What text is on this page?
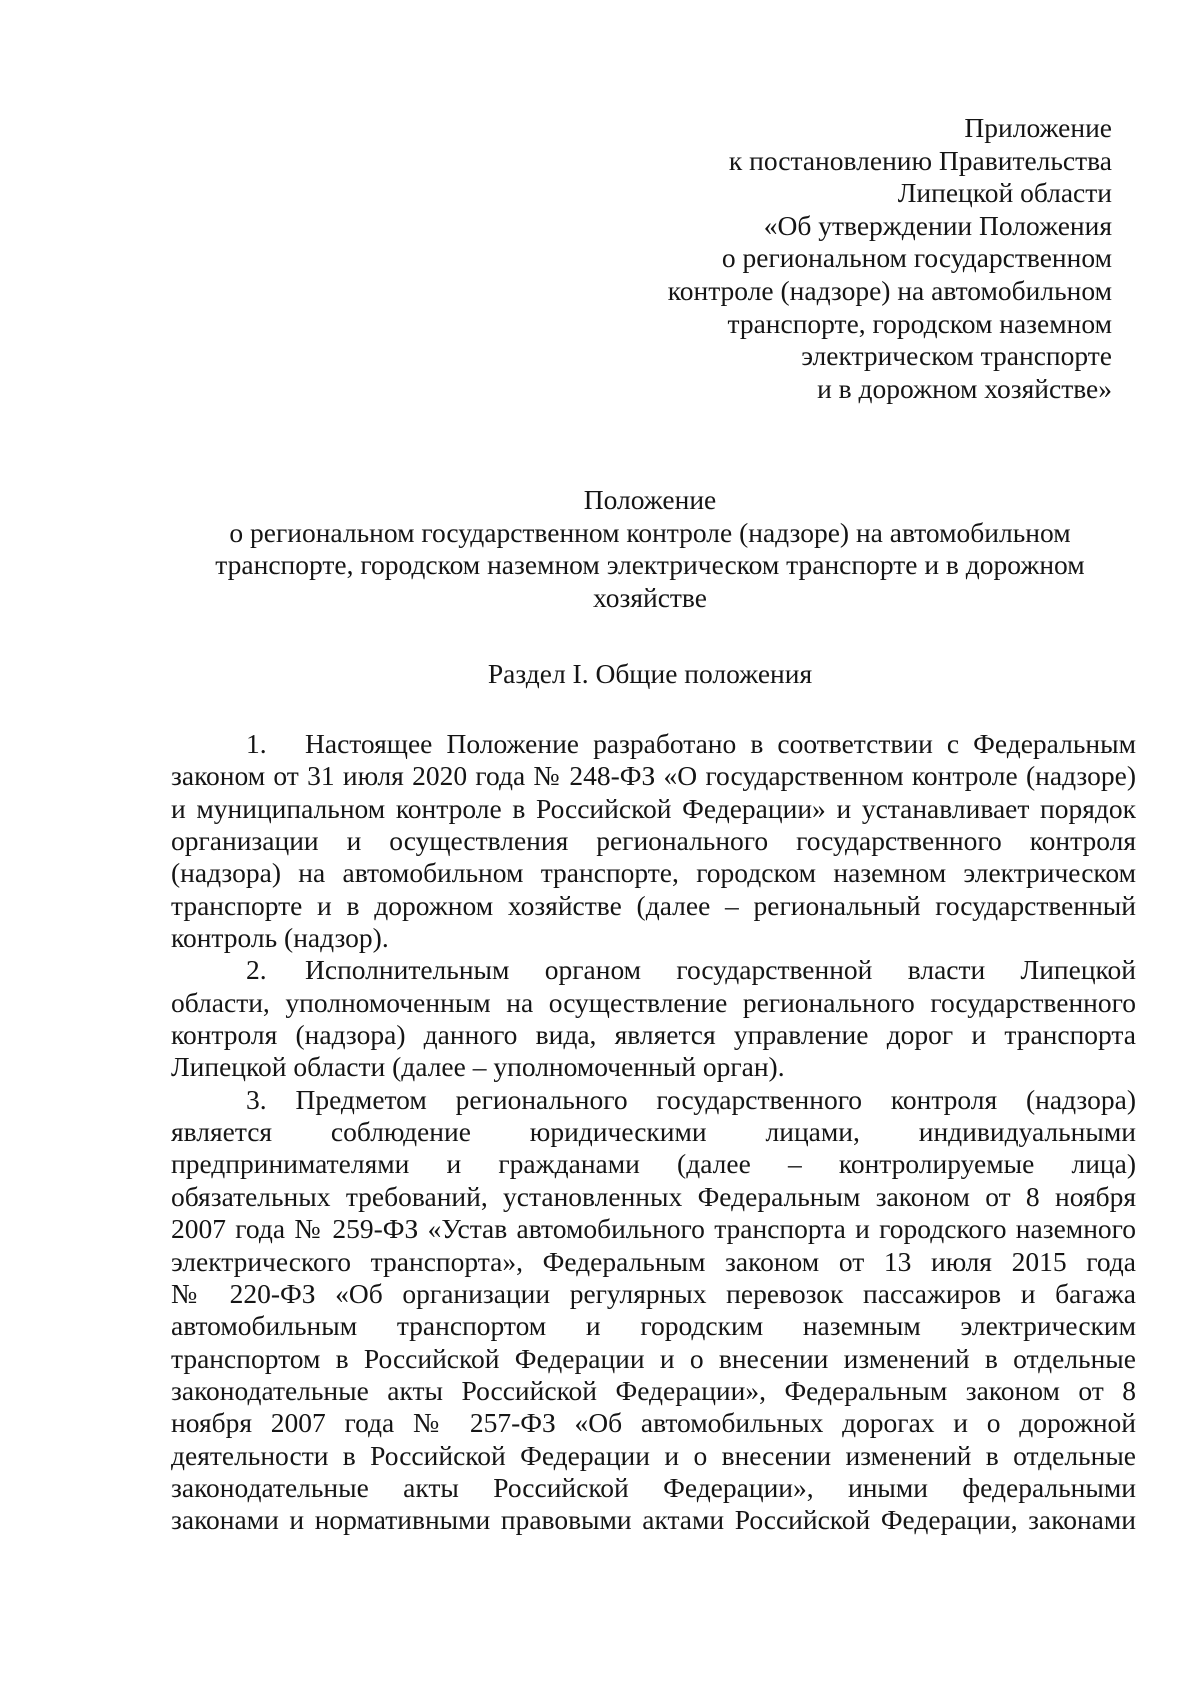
Приложение
к постановлению Правительства
Липецкой области
«Об утверждении Положения
о региональном государственном
контроле (надзоре) на автомобильном
транспорте, городском наземном
электрическом транспорте
и в дорожном хозяйстве»
Положение
о региональном государственном контроле (надзоре) на автомобильном
транспорте, городском наземном электрическом транспорте и в дорожном
хозяйстве
Раздел I. Общие положения
1. Настоящее Положение разработано в соответствии с Федеральным
законом от 31 июля 2020 года № 248-ФЗ «О государственном контроле (надзоре)
и муниципальном контроле в Российской Федерации» и устанавливает порядок
организации и осуществления регионального государственного контроля
(надзора) на автомобильном транспорте, городском наземном электрическом
транспорте и в дорожном хозяйстве (далее – региональный государственный
контроль (надзор).
2. Исполнительным органом государственной власти Липецкой
области, уполномоченным на осуществление регионального государственного
контроля (надзора) данного вида, является управление дорог и транспорта
Липецкой области (далее – уполномоченный орган).
3. Предметом регионального государственного контроля (надзора)
является соблюдение юридическими лицами, индивидуальными
предпринимателями и гражданами (далее – контролируемые лица)
обязательных требований, установленных Федеральным законом от 8 ноября
2007 года № 259-ФЗ «Устав автомобильного транспорта и городского наземного
электрического транспорта», Федеральным законом от 13 июля 2015 года
№ 220-ФЗ «Об организации регулярных перевозок пассажиров и багажа
автомобильным транспортом и городским наземным электрическим
транспортом в Российской Федерации и о внесении изменений в отдельные
законодательные акты Российской Федерации», Федеральным законом от 8
ноября 2007 года № 257-ФЗ «Об автомобильных дорогах и о дорожной
деятельности в Российской Федерации и о внесении изменений в отдельные
законодательные акты Российской Федерации», иными федеральными
законами и нормативными правовыми актами Российской Федерации, законами
